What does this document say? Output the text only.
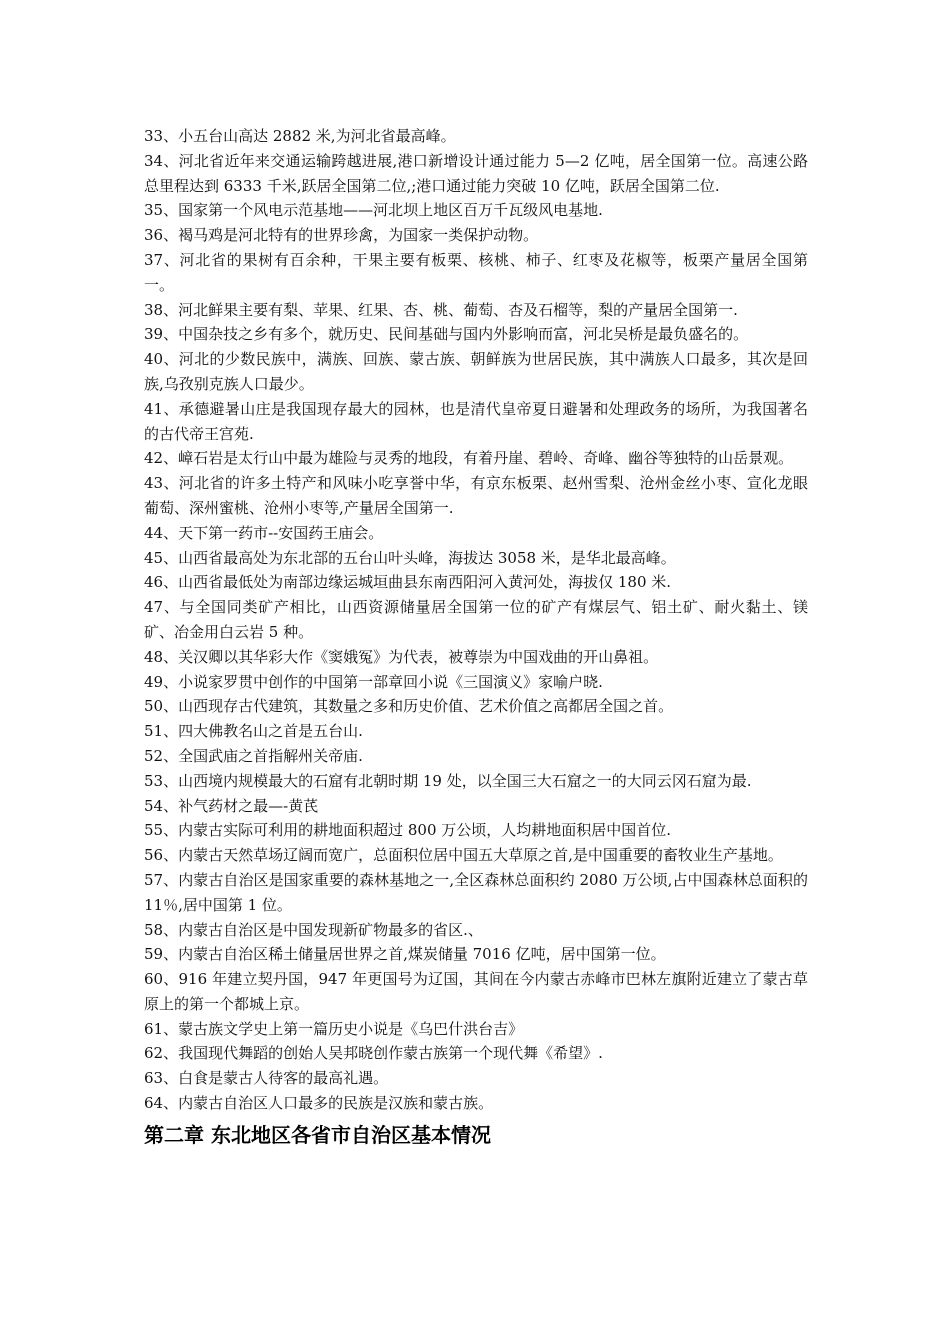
33、小五台山高达 2882 米,为河北省最高峰。

34、河北省近年来交通运输跨越进展,港口新增设计通过能力 5—2 亿吨，居全国第一位。高速公路总里程达到 6333 千米,跃居全国第二位,;港口通过能力突破 10 亿吨，跃居全国第二位.

35、国家第一个风电示范基地——河北坝上地区百万千瓦级风电基地.

36、褐马鸡是河北特有的世界珍禽，为国家一类保护动物。

37、河北省的果树有百余种，干果主要有板栗、核桃、柿子、红枣及花椒等，板栗产量居全国第一。

38、河北鲜果主要有梨、苹果、红果、杏、桃、葡萄、杏及石榴等，梨的产量居全国第一.

39、中国杂技之乡有多个，就历史、民间基础与国内外影响而富，河北吴桥是最负盛名的。

40、河北的少数民族中，满族、回族、蒙古族、朝鲜族为世居民族，其中满族人口最多，其次是回族,乌孜别克族人口最少。

41、承德避暑山庄是我国现存最大的园林，也是清代皇帝夏日避暑和处理政务的场所，为我国著名的古代帝王宫苑.

42、嶂石岩是太行山中最为雄险与灵秀的地段，有着丹崖、碧岭、奇峰、幽谷等独特的山岳景观。

43、河北省的许多土特产和风味小吃享誉中华，有京东板栗、赵州雪梨、沧州金丝小枣、宣化龙眼葡萄、深州蜜桃、沧州小枣等,产量居全国第一.

44、天下第一药市--安国药王庙会。

45、山西省最高处为东北部的五台山叶头峰，海拔达 3058 米，是华北最高峰。

46、山西省最低处为南部边缘运城垣曲县东南西阳河入黄河处，海拔仅 180 米.

47、与全国同类矿产相比，山西资源储量居全国第一位的矿产有煤层气、铝土矿、耐火黏土、镁矿、冶金用白云岩 5 种。

48、关汉卿以其华彩大作《窦娥冤》为代表，被尊崇为中国戏曲的开山鼻祖。

49、小说家罗贯中创作的中国第一部章回小说《三国演义》家喻户晓.

50、山西现存古代建筑，其数量之多和历史价值、艺术价值之高都居全国之首。

51、四大佛教名山之首是五台山.

52、全国武庙之首指解州关帝庙.

53、山西境内规模最大的石窟有北朝时期 19 处，以全国三大石窟之一的大同云冈石窟为最.

54、补气药材之最—-黄芪

55、内蒙古实际可利用的耕地面积超过 800 万公顷，人均耕地面积居中国首位.

56、内蒙古天然草场辽阔而宽广，总面积位居中国五大草原之首,是中国重要的畜牧业生产基地。

57、内蒙古自治区是国家重要的森林基地之一,全区森林总面积约 2080 万公顷,占中国森林总面积的 11％,居中国第 1 位。

58、内蒙古自治区是中国发现新矿物最多的省区.、

59、内蒙古自治区稀土储量居世界之首,煤炭储量 7016 亿吨，居中国第一位。

60、916 年建立契丹国，947 年更国号为辽国，其间在今内蒙古赤峰市巴林左旗附近建立了蒙古草原上的第一个都城上京。

61、蒙古族文学史上第一篇历史小说是《乌巴什洪台吉》

62、我国现代舞蹈的创始人吴邦晓创作蒙古族第一个现代舞《希望》.

63、白食是蒙古人待客的最高礼遇。

64、内蒙古自治区人口最多的民族是汉族和蒙古族。

第二章 东北地区各省市自治区基本情况
